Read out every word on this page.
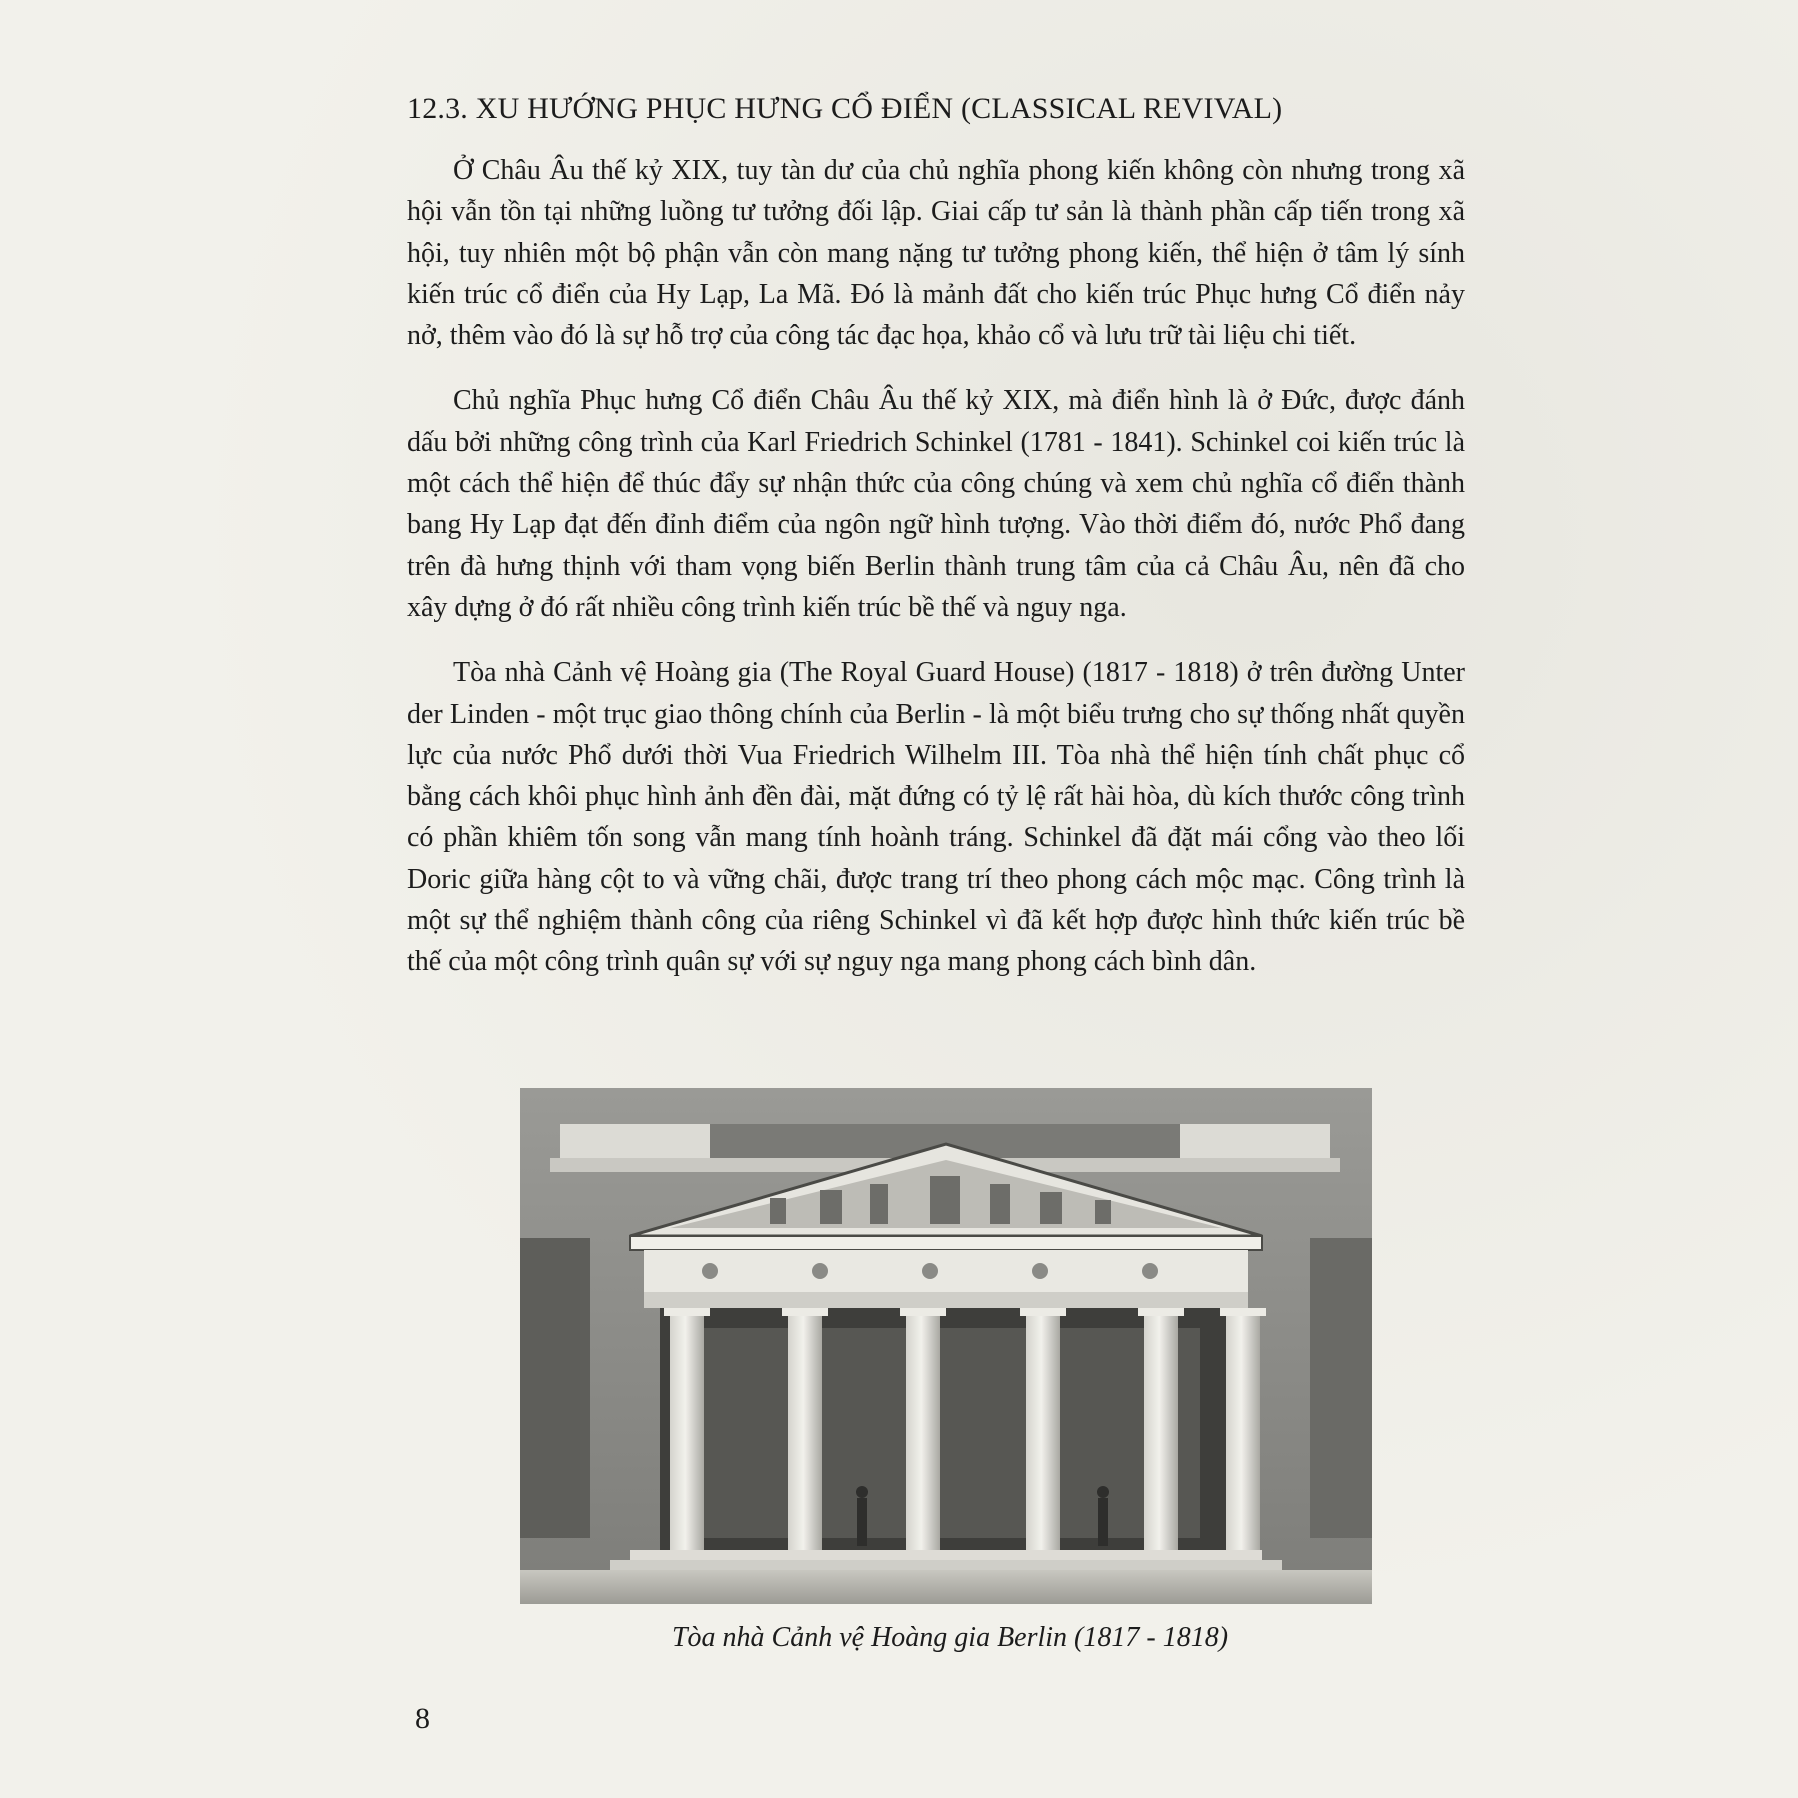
12.3. XU HƯỚNG PHỤC HƯNG CỔ ĐIỂN (CLASSICAL REVIVAL)

Ở Châu Âu thế kỷ XIX, tuy tàn dư của chủ nghĩa phong kiến không còn nhưng trong xã hội vẫn tồn tại những luồng tư tưởng đối lập. Giai cấp tư sản là thành phần cấp tiến trong xã hội, tuy nhiên một bộ phận vẫn còn mang nặng tư tưởng phong kiến, thể hiện ở tâm lý sính kiến trúc cổ điển của Hy Lạp, La Mã. Đó là mảnh đất cho kiến trúc Phục hưng Cổ điển nảy nở, thêm vào đó là sự hỗ trợ của công tác đạc họa, khảo cổ và lưu trữ tài liệu chi tiết.

Chủ nghĩa Phục hưng Cổ điển Châu Âu thế kỷ XIX, mà điển hình là ở Đức, được đánh dấu bởi những công trình của Karl Friedrich Schinkel (1781 - 1841). Schinkel coi kiến trúc là một cách thể hiện để thúc đẩy sự nhận thức của công chúng và xem chủ nghĩa cổ điển thành bang Hy Lạp đạt đến đỉnh điểm của ngôn ngữ hình tượng. Vào thời điểm đó, nước Phổ đang trên đà hưng thịnh với tham vọng biến Berlin thành trung tâm của cả Châu Âu, nên đã cho xây dựng ở đó rất nhiều công trình kiến trúc bề thế và nguy nga.

Tòa nhà Cảnh vệ Hoàng gia (The Royal Guard House) (1817 - 1818) ở trên đường Unter der Linden - một trục giao thông chính của Berlin - là một biểu trưng cho sự thống nhất quyền lực của nước Phổ dưới thời Vua Friedrich Wilhelm III. Tòa nhà thể hiện tính chất phục cổ bằng cách khôi phục hình ảnh đền đài, mặt đứng có tỷ lệ rất hài hòa, dù kích thước công trình có phần khiêm tốn song vẫn mang tính hoành tráng. Schinkel đã đặt mái cổng vào theo lối Doric giữa hàng cột to và vững chãi, được trang trí theo phong cách mộc mạc. Công trình là một sự thể nghiệm thành công của riêng Schinkel vì đã kết hợp được hình thức kiến trúc bề thế của một công trình quân sự với sự nguy nga mang phong cách bình dân.

Tòa nhà Cảnh vệ Hoàng gia Berlin (1817 - 1818)
8
